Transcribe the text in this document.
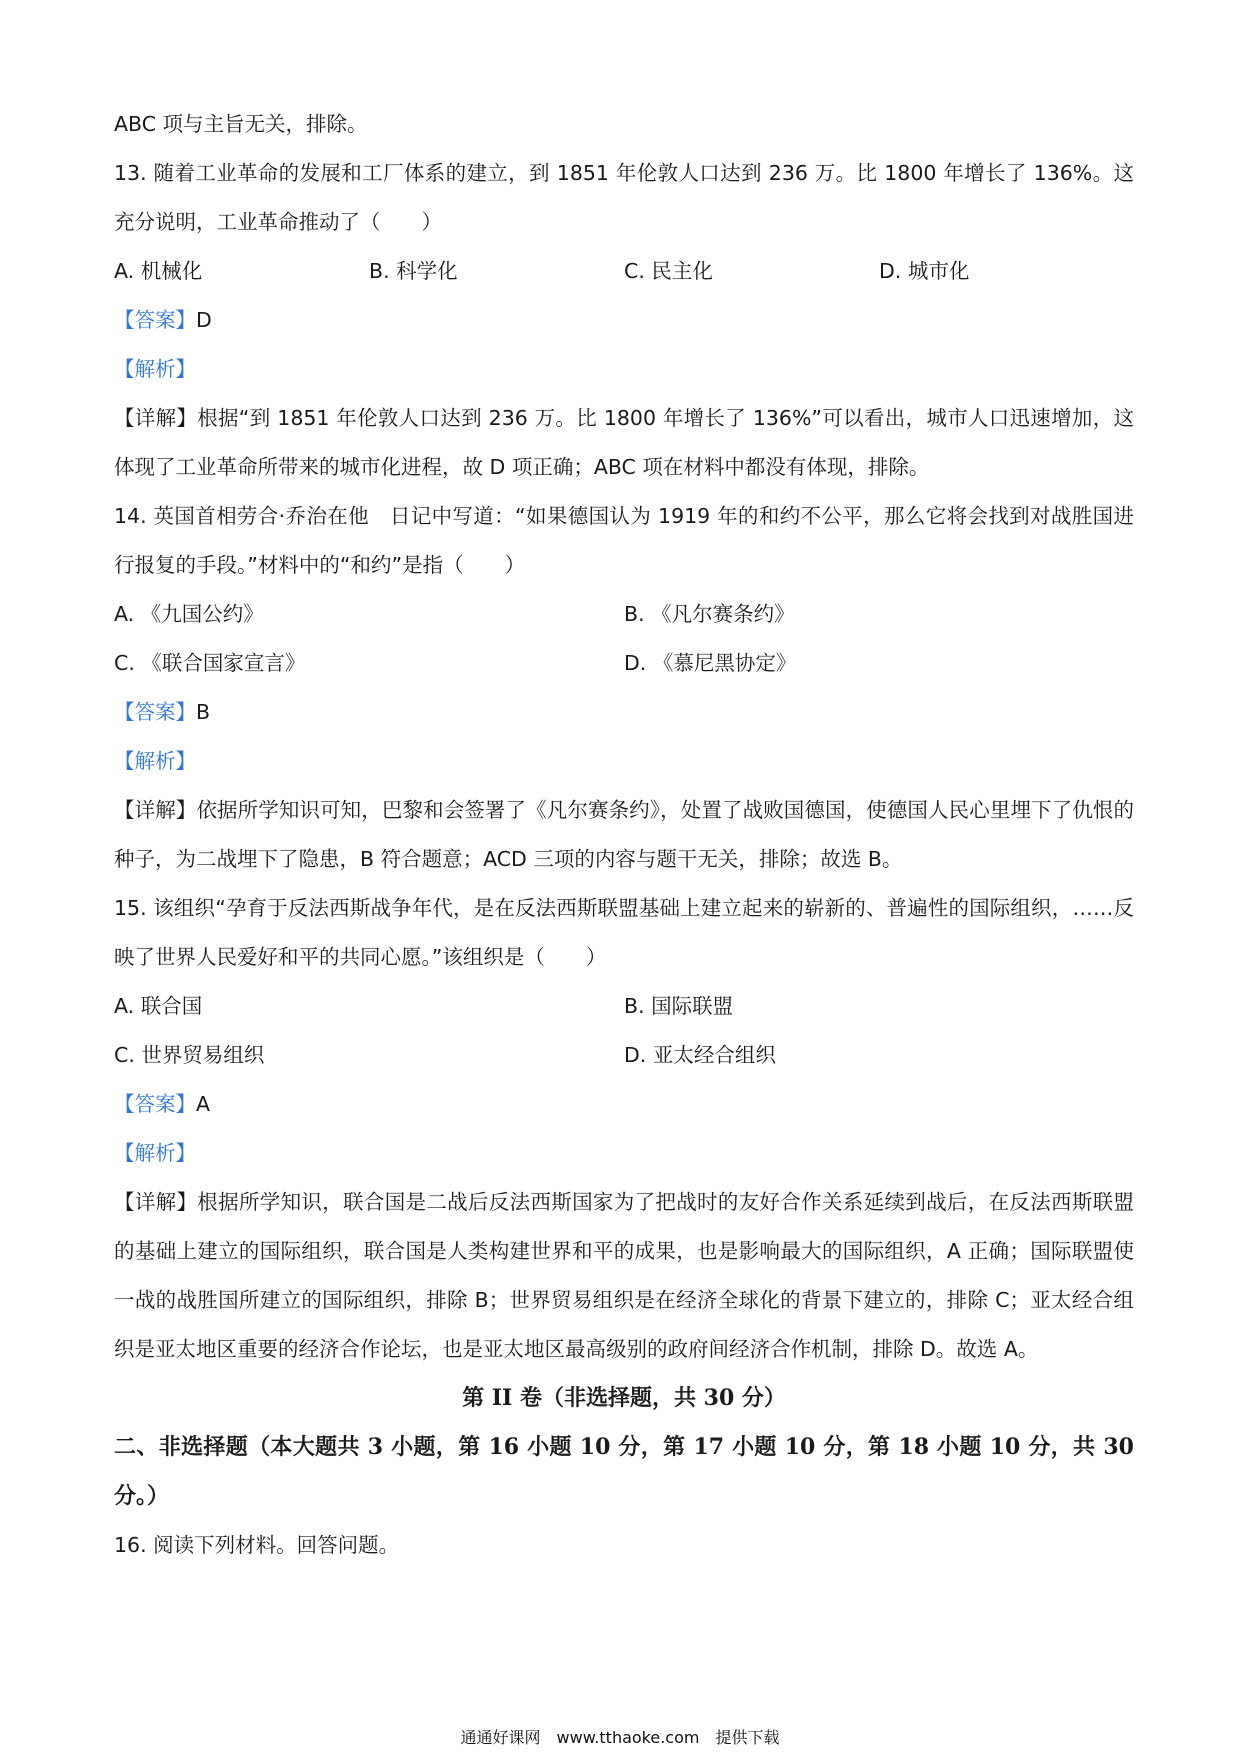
ABC 项与主旨无关，排除。
13. 随着工业革命的发展和工厂体系的建立，到 1851 年伦敦人口达到 236 万。比 1800 年增长了 136%。这充分说明，工业革命推动了（　　）
A. 机械化	B. 科学化	C. 民主化	D. 城市化
【答案】D
【解析】
【详解】根据“到 1851 年伦敦人口达到 236 万。比 1800 年增长了 136%”可以看出，城市人口迅速增加，这体现了工业革命所带来的城市化进程，故 D 项正确；ABC 项在材料中都没有体现，排除。
14. 英国首相劳合·乔治在他　日记中写道：“如果德国认为 1919 年的和约不公平，那么它将会找到对战胜国进行报复的手段。”材料中的“和约”是指（　　）
A. 《九国公约》	B. 《凡尔赛条约》
C. 《联合国家宣言》	D. 《慕尼黑协定》
【答案】B
【解析】
【详解】依据所学知识可知，巴黎和会签署了《凡尔赛条约》，处置了战败国德国，使德国人民心里埋下了仇恨的种子，为二战埋下了隐患，B 符合题意；ACD 三项的内容与题干无关，排除；故选 B。
15. 该组织“孕育于反法西斯战争年代，是在反法西斯联盟基础上建立起来的崭新的、普遍性的国际组织，……反映了世界人民爱好和平的共同心愿。”该组织是（　　）
A. 联合国	B. 国际联盟
C. 世界贸易组织	D. 亚太经合组织
【答案】A
【解析】
【详解】根据所学知识，联合国是二战后反法西斯国家为了把战时的友好合作关系延续到战后，在反法西斯联盟的基础上建立的国际组织，联合国是人类构建世界和平的成果，也是影响最大的国际组织，A 正确；国际联盟使一战的战胜国所建立的国际组织，排除 B；世界贸易组织是在经济全球化的背景下建立的，排除 C；亚太经合组织是亚太地区重要的经济合作论坛，也是亚太地区最高级别的政府间经济合作机制，排除 D。故选 A。
第 II 卷（非选择题，共 30 分）
二、非选择题（本大题共 3 小题，第 16 小题 10 分，第 17 小题 10 分，第 18 小题 10 分，共 30 分。）
16. 阅读下列材料。回答问题。
通通好课网　www.tthaoke.com　提供下载
